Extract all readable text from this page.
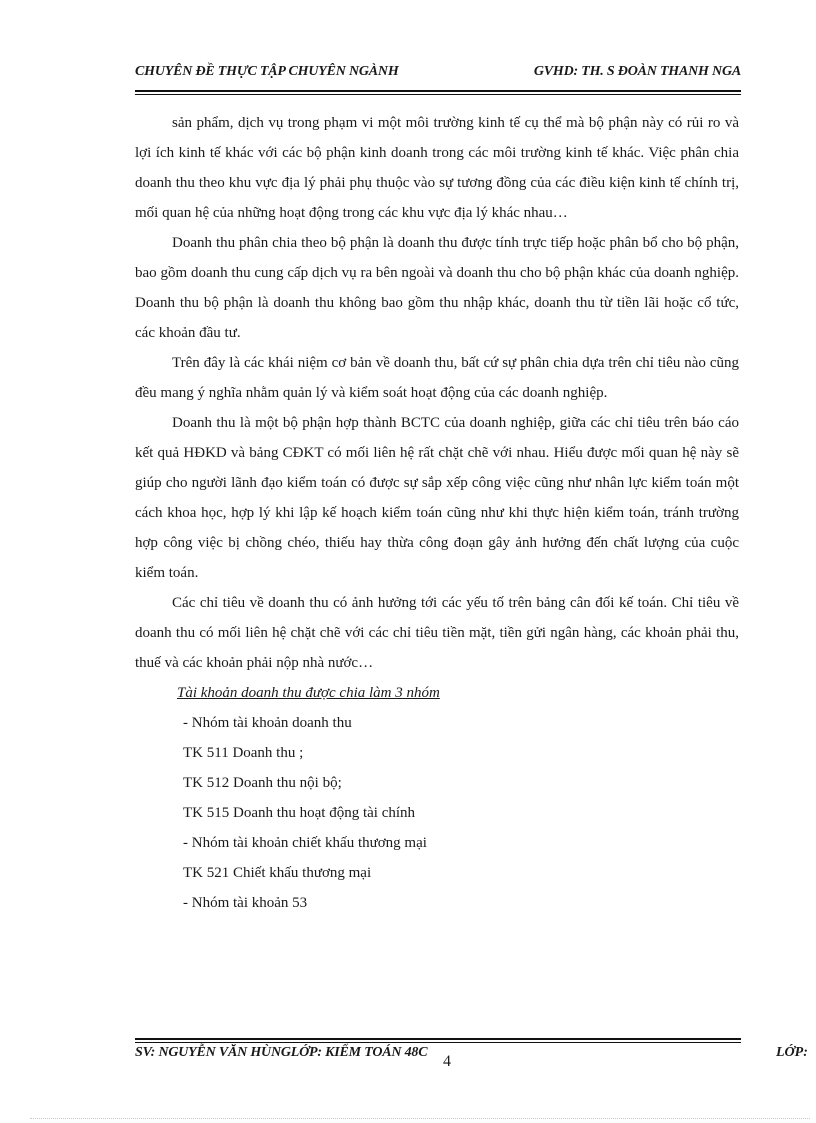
CHUYÊN ĐỀ THỰC TẬP CHUYÊN NGÀNH	GVHD: TH. S ĐOÀN THANH NGA

sản phẩm, dịch vụ trong phạm vi một môi trường kinh tế cụ thể mà bộ phận này có rủi ro và lợi ích kinh tế khác với các bộ phận kinh doanh trong các môi trường kinh tế khác. Việc phân chia doanh thu theo khu vực địa lý phải phụ thuộc vào sự tương đồng của các điều kiện kinh tế chính trị, mối quan hệ của những hoạt động trong các khu vực địa lý khác nhau…

Doanh thu phân chia theo bộ phận là doanh thu được tính trực tiếp hoặc phân bổ cho bộ phận, bao gồm doanh thu cung cấp dịch vụ ra bên ngoài và doanh thu cho bộ phận khác của doanh nghiệp. Doanh thu bộ phận là doanh thu không bao gồm thu nhập khác, doanh thu từ tiền lãi hoặc cổ tức, các khoản đầu tư.

Trên đây là các khái niệm cơ bản về doanh thu, bất cứ sự phân chia dựa trên chỉ tiêu nào cũng đều mang ý nghĩa nhằm quản lý và kiểm soát hoạt động của các doanh nghiệp.

Doanh thu là một bộ phận hợp thành BCTC của doanh nghiệp, giữa các chỉ tiêu trên báo cáo kết quả HĐKD và bảng CĐKT có mối liên hệ rất chặt chẽ với nhau. Hiểu được mối quan hệ này sẽ giúp cho người lãnh đạo kiểm toán có được sự sắp xếp công việc cũng như nhân lực kiểm toán một cách khoa học, hợp lý khi lập kế hoạch kiểm toán cũng như khi thực hiện kiểm toán, tránh trường hợp công việc bị chồng chéo, thiếu hay thừa công đoạn gây ảnh hưởng đến chất lượng của cuộc kiểm toán.

Các chỉ tiêu về doanh thu có ảnh hưởng tới các yếu tố trên bảng cân đối kế toán. Chỉ tiêu về doanh thu có mối liên hệ chặt chẽ với các chỉ tiêu tiền mặt, tiền gửi ngân hàng, các khoản phải thu, thuế và các khoản phải nộp nhà nước…

Tài khoản doanh thu được chia làm 3 nhóm

- Nhóm tài khoản doanh thu

TK 511 Doanh thu ;

TK 512 Doanh thu nội bộ;

TK 515 Doanh thu hoạt động tài chính

- Nhóm tài khoản chiết khấu thương mại

TK 521 Chiết khấu thương mại

- Nhóm tài khoản 53

SV: NGUYỄN VĂN HÙNGLỚP: KIỂM TOÁN 48C	LỚP:
4
